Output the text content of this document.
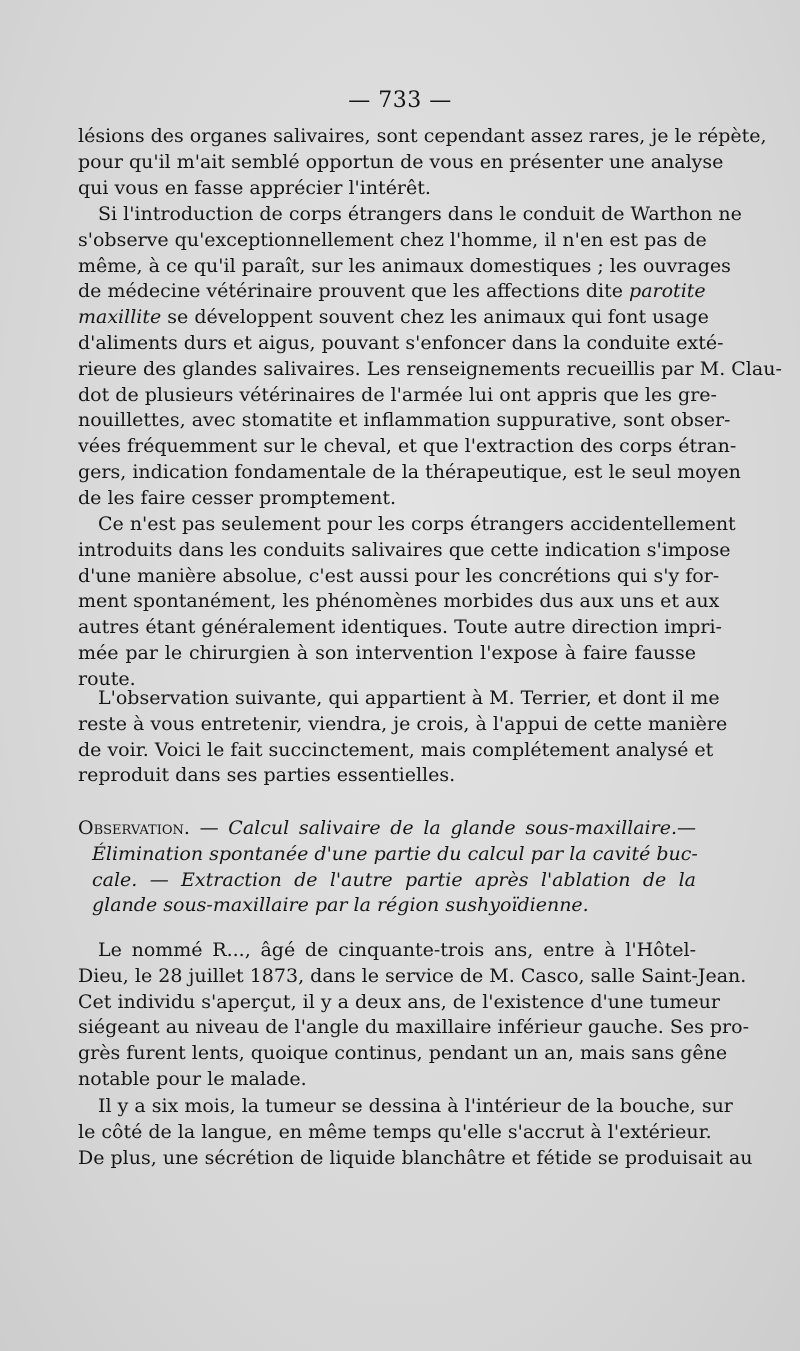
— 733 —
lésions des organes salivaires, sont cependant assez rares, je le répète,
pour qu'il m'ait semblé opportun de vous en présenter une analyse
qui vous en fasse apprécier l'intérêt.
Si l'introduction de corps étrangers dans le conduit de Warthon ne
s'observe qu'exceptionnellement chez l'homme, il n'en est pas de
même, à ce qu'il paraît, sur les animaux domestiques ; les ouvrages
de médecine vétérinaire prouvent que les affections dite parotite
maxillite se développent souvent chez les animaux qui font usage
d'aliments durs et aigus, pouvant s'enfoncer dans la conduite exté-
rieure des glandes salivaires. Les renseignements recueillis par M. Clau-
dot de plusieurs vétérinaires de l'armée lui ont appris que les gre-
nouillettes, avec stomatite et inflammation suppurative, sont obser-
vées fréquemment sur le cheval, et que l'extraction des corps étran-
gers, indication fondamentale de la thérapeutique, est le seul moyen
de les faire cesser promptement.
Ce n'est pas seulement pour les corps étrangers accidentellement
introduits dans les conduits salivaires que cette indication s'impose
d'une manière absolue, c'est aussi pour les concrétions qui s'y for-
ment spontanément, les phénomènes morbides dus aux uns et aux
autres étant généralement identiques. Toute autre direction impri-
mée par le chirurgien à son intervention l'expose à faire fausse
route.
L'observation suivante, qui appartient à M. Terrier, et dont il me
reste à vous entretenir, viendra, je crois, à l'appui de cette manière
de voir. Voici le fait succinctement, mais complétement analysé et
reproduit dans ses parties essentielles.
Observation. — Calcul salivaire de la glande sous-maxillaire.—
Élimination spontanée d'une partie du calcul par la cavité buc-
cale. — Extraction de l'autre partie après l'ablation de la
glande sous-maxillaire par la région sushyoïdienne.
Le nommé R..., âgé de cinquante-trois ans, entre à l'Hôtel-
Dieu, le 28 juillet 1873, dans le service de M. Casco, salle Saint-Jean.
Cet individu s'aperçut, il y a deux ans, de l'existence d'une tumeur
siégeant au niveau de l'angle du maxillaire inférieur gauche. Ses pro-
grès furent lents, quoique continus, pendant un an, mais sans gêne
notable pour le malade.
Il y a six mois, la tumeur se dessina à l'intérieur de la bouche, sur
le côté de la langue, en même temps qu'elle s'accrut à l'extérieur.
De plus, une sécrétion de liquide blanchâtre et fétide se produisait au
